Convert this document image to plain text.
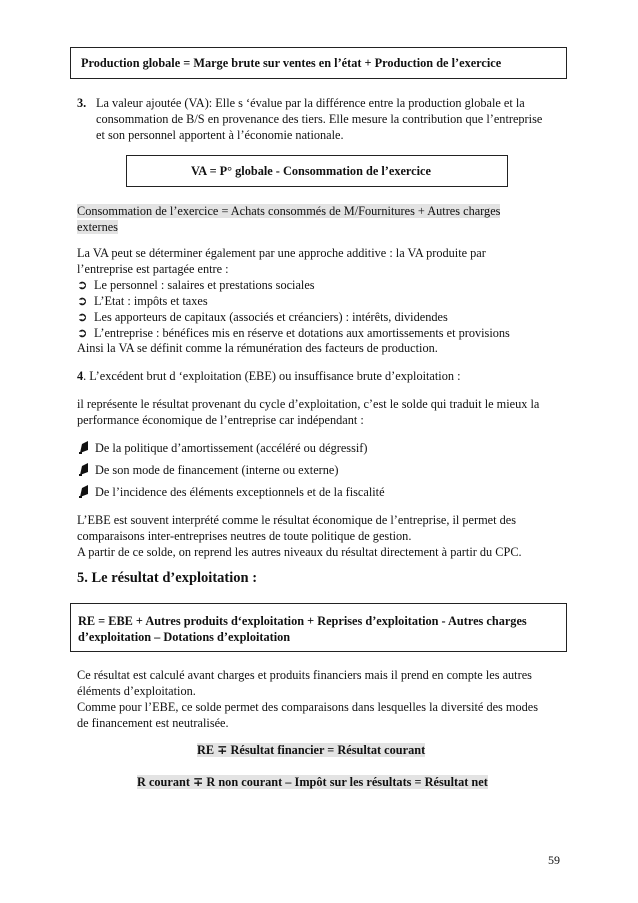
Production globale = Marge brute sur ventes en l’état + Production de l’exercice
3. La valeur ajoutée (VA): Elle s ‘évalue par la différence entre la production globale et la
consommation de B/S en provenance des tiers. Elle mesure la contribution que l’entreprise
et son personnel apportent à l’économie nationale.
VA = P° globale - Consommation de l’exercice
Consommation de l’exercice = Achats consommés de M/Fournitures + Autres charges
externes
La VA peut se déterminer également par une approche additive : la VA produite par
l’entreprise est partagée entre :
➲ Le personnel : salaires et prestations sociales
➲ L’Etat : impôts et taxes
➲ Les apporteurs de capitaux (associés et créanciers) : intérêts, dividendes
➲ L’entreprise : bénéfices mis en réserve et dotations aux amortissements et provisions
Ainsi la VA se définit comme la rémunération des facteurs de production.
4. L’excédent brut d ‘exploitation (EBE) ou insuffisance brute d’exploitation :
il représente le résultat provenant du cycle d’exploitation, c’est le solde qui traduit le mieux la
performance économique de l’entreprise car indépendant :
De la politique d’amortissement (accéléré ou dégressif)
De son mode de financement (interne ou externe)
De l’incidence des éléments exceptionnels et de la fiscalité
L’EBE est souvent interprété comme le résultat économique de l’entreprise, il permet des
comparaisons inter-entreprises neutres de toute politique de gestion.
A partir de ce solde, on reprend les autres niveaux du résultat directement à partir du CPC.
5. Le résultat d’exploitation :
RE = EBE + Autres produits d‘exploitation + Reprises d’exploitation - Autres charges
d’exploitation – Dotations d’exploitation
Ce résultat est calculé avant charges et produits financiers mais il prend en compte les autres
éléments d’exploitation.
Comme pour l’EBE, ce solde permet des comparaisons dans lesquelles la diversité des modes
de financement est neutralisée.
RE ∓ Résultat financier = Résultat courant
R courant ∓ R non courant – Impôt sur les résultats = Résultat net
59
